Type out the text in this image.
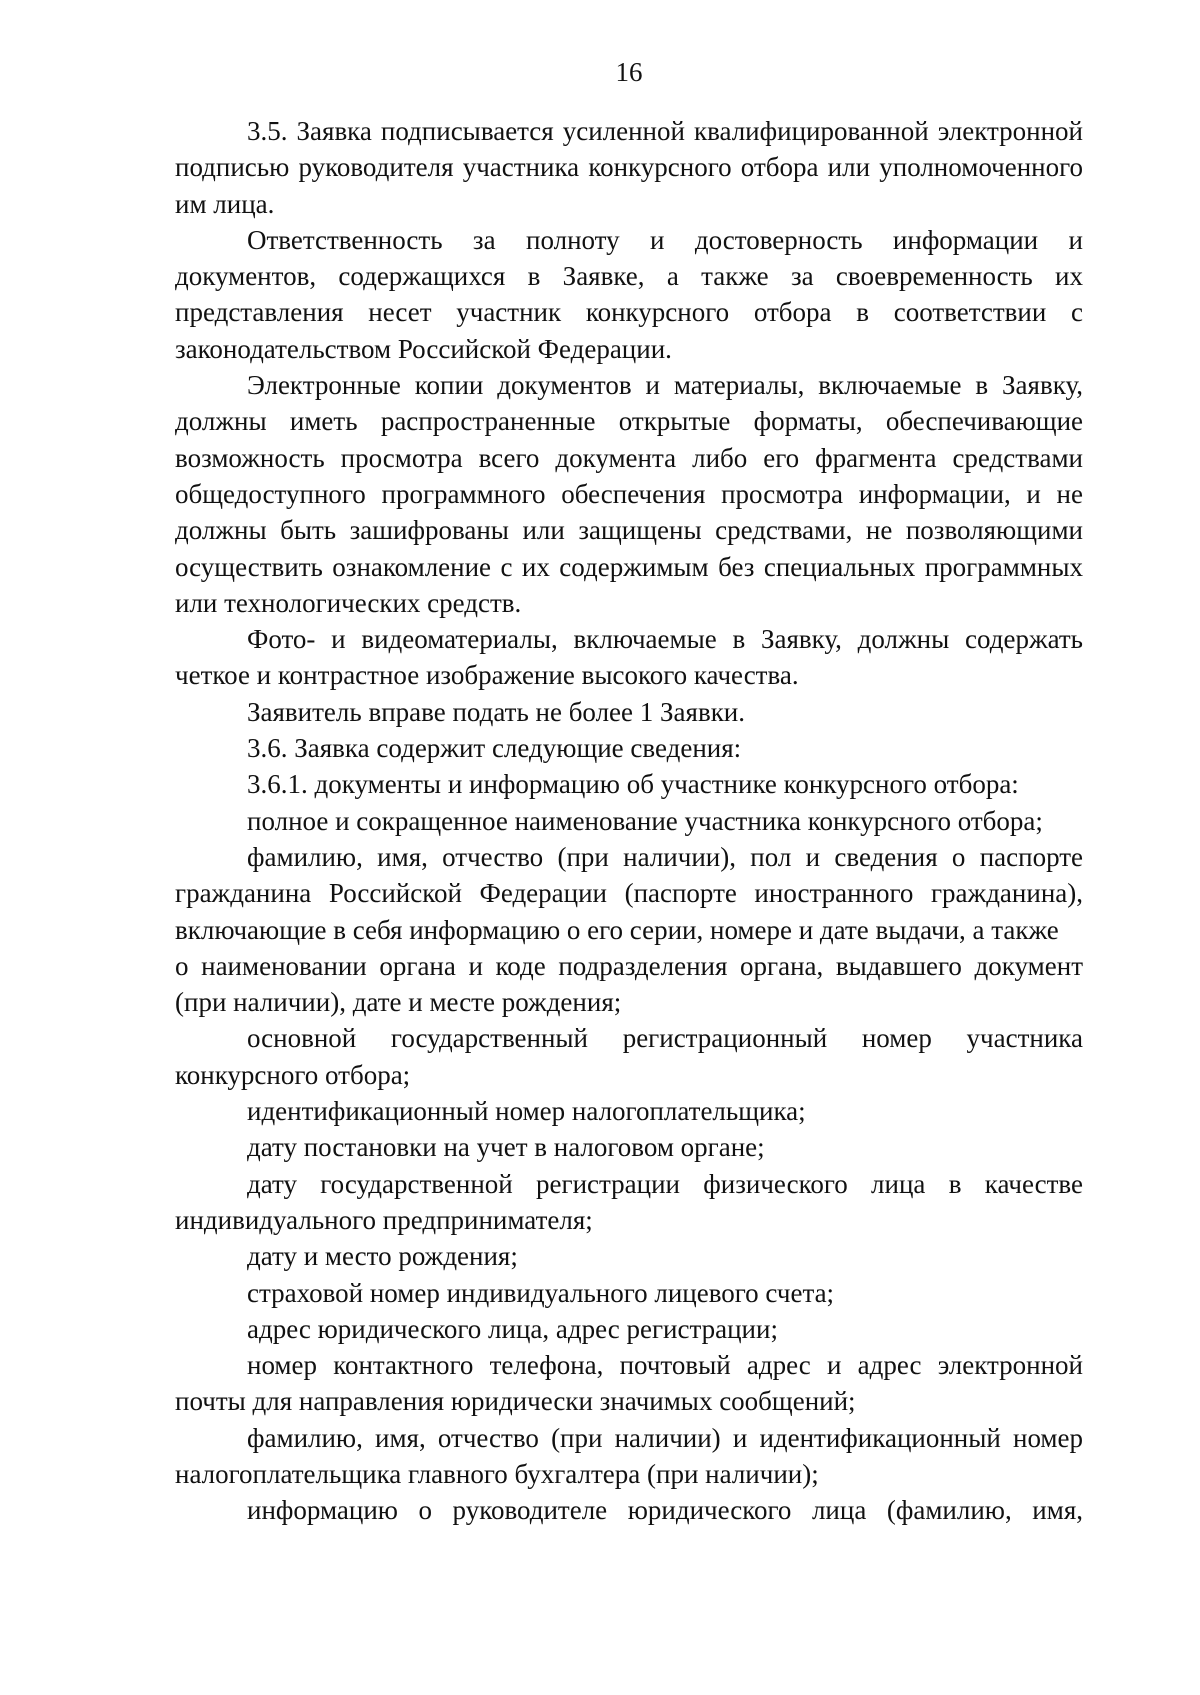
16

3.5. Заявка подписывается усиленной квалифицированной электронной подписью руководителя участника конкурсного отбора или уполномоченного им лица.

Ответственность за полноту и достоверность информации и документов, содержащихся в Заявке, а также за своевременность их представления несет участник конкурсного отбора в соответствии с законодательством Российской Федерации.

Электронные копии документов и материалы, включаемые в Заявку, должны иметь распространенные открытые форматы, обеспечивающие возможность просмотра всего документа либо его фрагмента средствами общедоступного программного обеспечения просмотра информации, и не должны быть зашифрованы или защищены средствами, не позволяющими осуществить ознакомление с их содержимым без специальных программных или технологических средств.

Фото- и видеоматериалы, включаемые в Заявку, должны содержать четкое и контрастное изображение высокого качества.

Заявитель вправе подать не более 1 Заявки.

3.6. Заявка содержит следующие сведения:

3.6.1. документы и информацию об участнике конкурсного отбора:

полное и сокращенное наименование участника конкурсного отбора;

фамилию, имя, отчество (при наличии), пол и сведения о паспорте гражданина Российской Федерации (паспорте иностранного гражданина), включающие в себя информацию о его серии, номере и дате выдачи, а также

о наименовании органа и коде подразделения органа, выдавшего документ (при наличии), дате и месте рождения;

основной государственный регистрационный номер участника конкурсного отбора;

идентификационный номер налогоплательщика;

дату постановки на учет в налоговом органе;

дату государственной регистрации физического лица в качестве индивидуального предпринимателя;

дату и место рождения;

страховой номер индивидуального лицевого счета;

адрес юридического лица, адрес регистрации;

номер контактного телефона, почтовый адрес и адрес электронной почты для направления юридически значимых сообщений;

фамилию, имя, отчество (при наличии) и идентификационный номер налогоплательщика главного бухгалтера (при наличии);

информацию о руководителе юридического лица (фамилию, имя,
